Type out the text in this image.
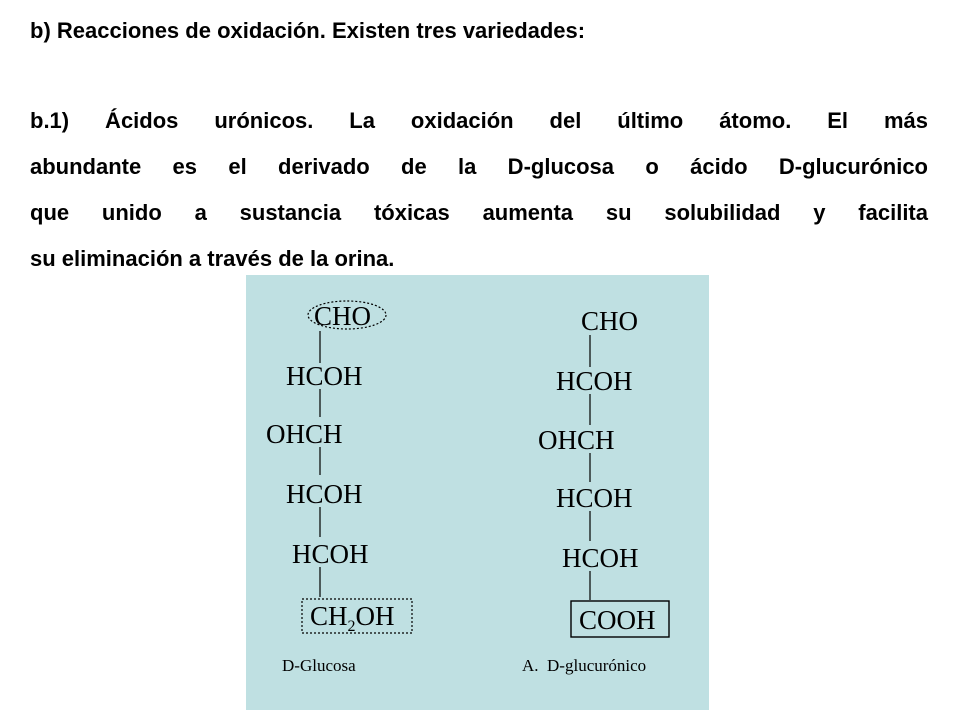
b) Reacciones de oxidación. Existen tres variedades:
b.1) Ácidos urónicos. La oxidación del último átomo. El más
abundante es el derivado de la D-glucosa o ácido D-glucurónico
que unido a sustancia tóxicas aumenta su solubilidad y facilita
su eliminación a través de la orina.
CHO
HCOH
OHCH
HCOH
HCOH
$CH_2OH$
D-Glucosa
CHO
HCOH
OHCH
HCOH
HCOH
COOH
A.  D-glucurónico
